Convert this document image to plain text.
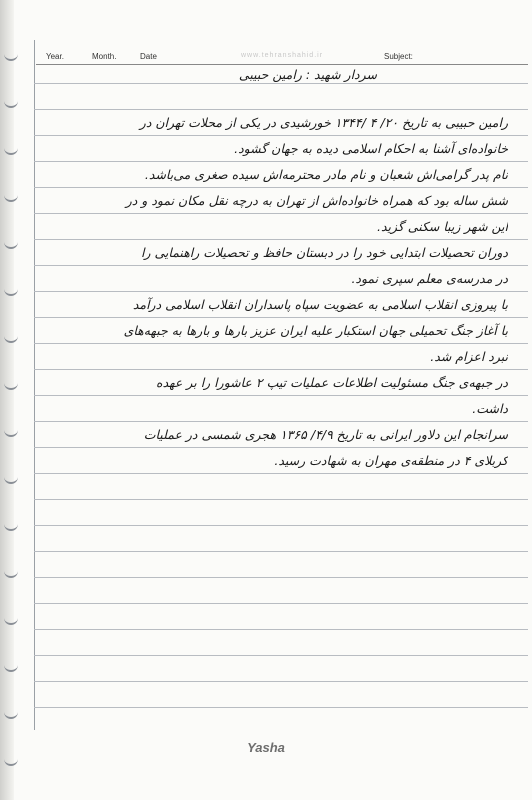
Year.	Month.	Date	www.tehranshahid.ir	Subject:
سردار شهید : رامین حبیبی
رامین حبیبی به تاریخ ۲۰/ ۴ /۱۳۴۴ خورشیدی در یکی از محلات تهران در
خانواده‌ای آشنا به احکام اسلامی دیده به جهان گشود.
نام پدر گرامی‌اش شعبان و نام مادر محترمه‌اش سیده صغری می‌باشد.
شش ساله بود که همراه خانواده‌اش از تهران به درچه نقل مکان نمود و در
این شهر زیبا سکنی گزید.
دوران تحصیلات ابتدایی خود را در دبستان حافظ و تحصیلات راهنمایی را
در مدرسه‌ی معلم سپری نمود.
با پیروزی انقلاب اسلامی به عضویت سپاه پاسداران انقلاب اسلامی درآمد
با آغاز جنگ تحمیلی جهان استکبار علیه ایران عزیز بارها و بارها به جبهه‌های
نبرد اعزام شد.
در جبهه‌ی جنگ مسئولیت اطلاعات عملیات تیپ ۲ عاشورا را بر عهده
داشت.
سرانجام این دلاور ایرانی به تاریخ ۴/۹/ ۱۳۶۵ هجری شمسی در عملیات
کربلای ۴ در منطقه‌ی مهران به شهادت رسید.
Yasha
